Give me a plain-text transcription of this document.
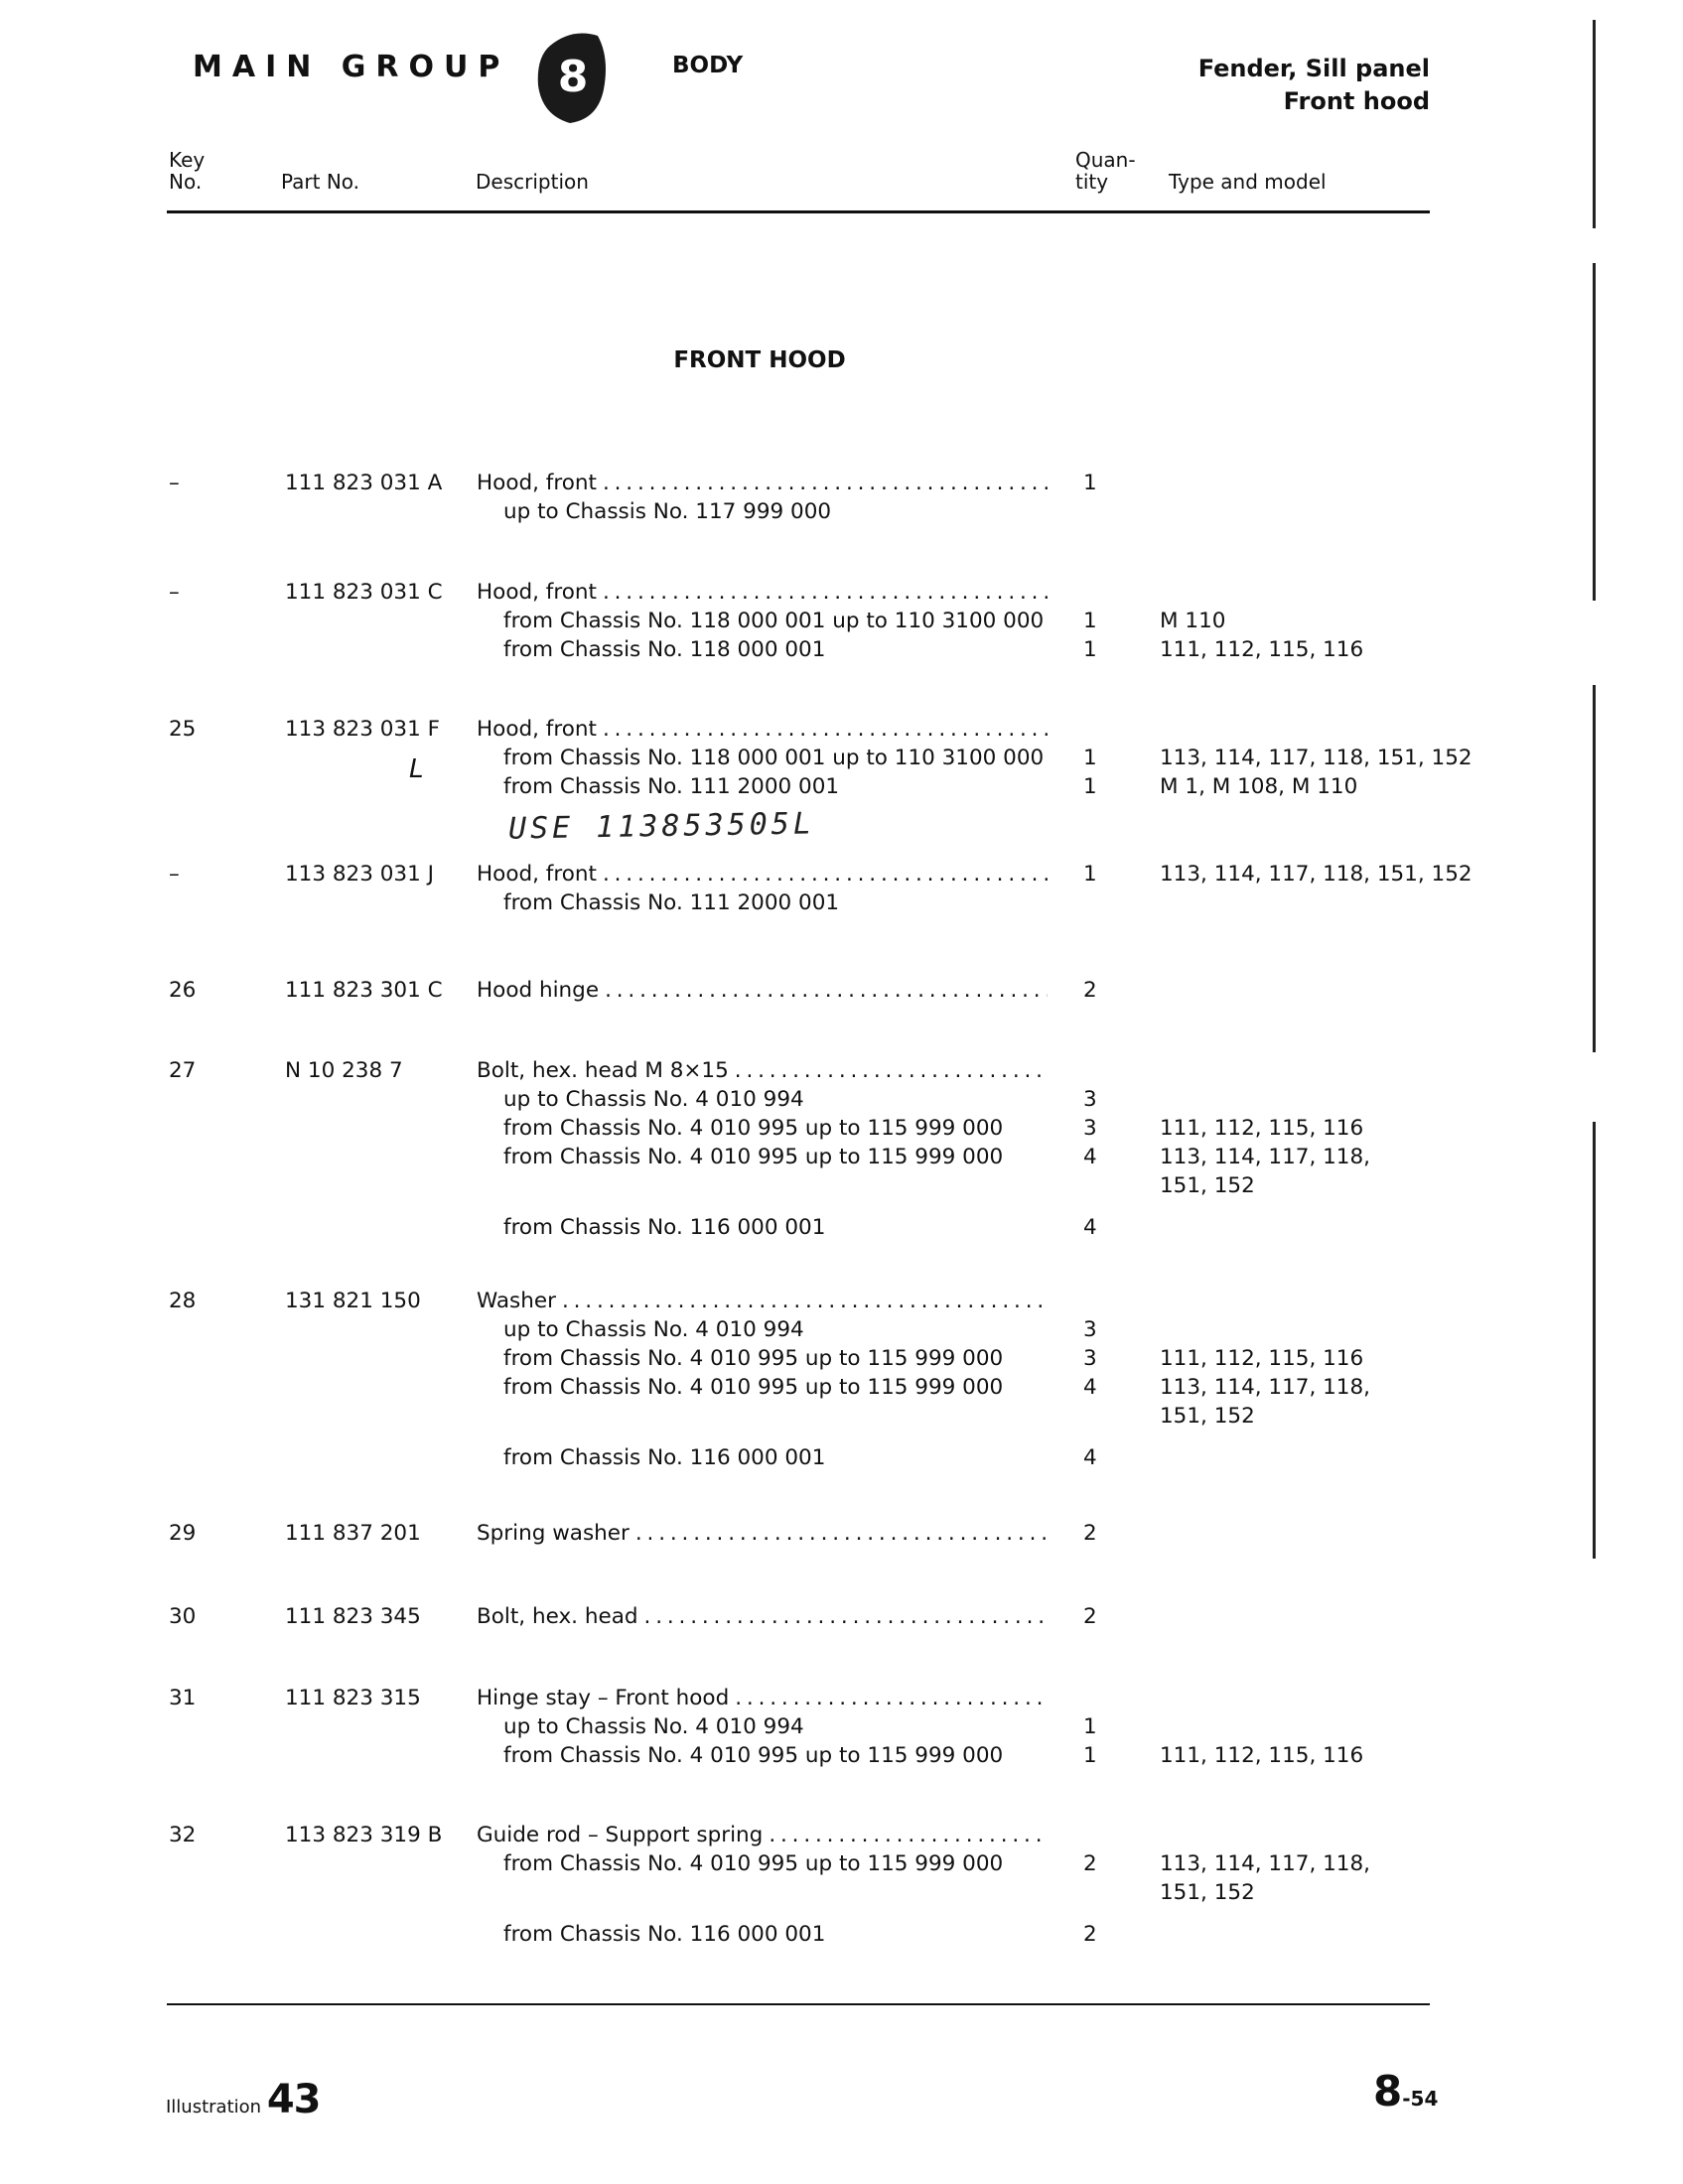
MAIN GROUP 8	BODY	Fender, Sill panel
Front hood
Key
No.	Part No.	Description
Quan-
tity	Type and model
FRONT HOOD
–	111 823 031 A Hood, front . . .	1
up to Chassis No. 117 999 000
–	111 823 031 C Hood, front
. . .
from Chassis No. 118 000 001 up to 110 3100 000	1	M 110
from Chassis No. 118 000 001	1	111, 112, 115, 116
25	113 823 031 F Hood, front
. . .
from Chassis No. 118 000 001 up to 110 3100 000	1	113, 114, 117, 118, 151, 152
from Chassis No. 111 2000 001	1	M 1, M 108, M 110
–	113 823 031 J Hood, front . . .	1	113, 114, 117, 118, 151, 152
from Chassis No. 111 2000 001
26	111 823 301 C Hood hinge . . .	2
27	N 10 238 7	Bolt, hex. head M 8×15
. . .
up to Chassis No. 4 010 994	3
from Chassis No. 4 010 995 up to 115 999 000	3	111, 112, 115, 116
from Chassis No. 4 010 995 up to 115 999 000	4	113, 114, 117, 118,
151, 152
from Chassis No. 116 000 001	4
28	131 821 150	Washer
. . .
up to Chassis No. 4 010 994	3
from Chassis No. 4 010 995 up to 115 999 000	3	111, 112, 115, 116
from Chassis No. 4 010 995 up to 115 999 000	4	113, 114, 117, 118,
151, 152
from Chassis No. 116 000 001	4
29	111 837 201	Spring washer . . .	2
30	111 823 345	Bolt, hex. head . . .	2
31	111 823 315	Hinge stay – Front hood
. . .
up to Chassis No. 4 010 994	1
from Chassis No. 4 010 995 up to 115 999 000	1	111, 112, 115, 116
32	113 823 319 B Guide rod – Support spring
. . .
from Chassis No. 4 010 995 up to 115 999 000	2	113, 114, 117, 118,
151, 152
from Chassis No. 116 000 001	2
L
USE 113853505L
Illustration 43	8-54
